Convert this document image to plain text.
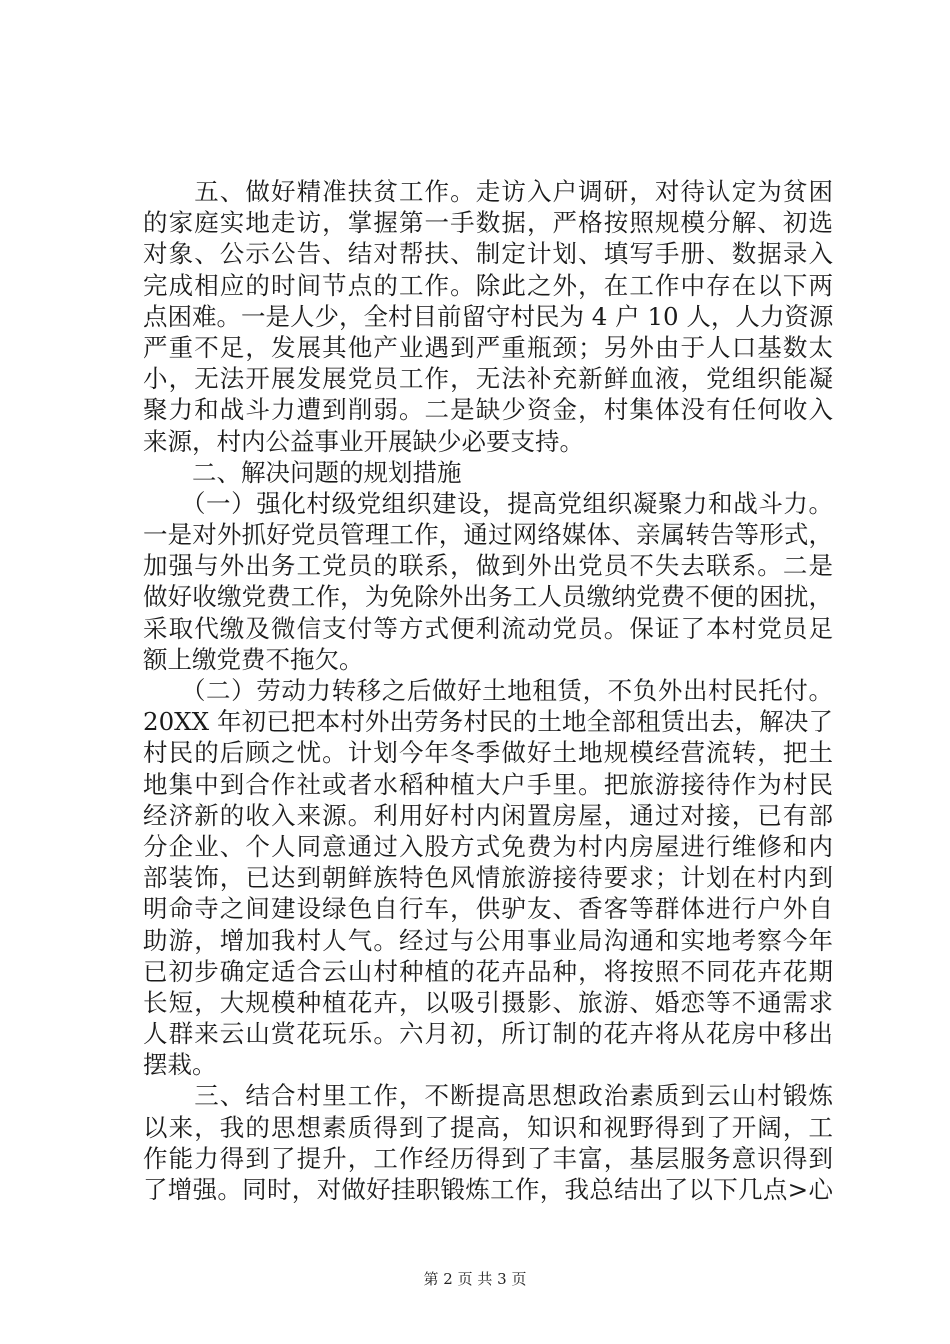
　　五、做好精准扶贫工作。走访入户调研，对待认定为贫困
的家庭实地走访，掌握第一手数据，严格按照规模分解、初选
对象、公示公告、结对帮扶、制定计划、填写手册、数据录入
完成相应的时间节点的工作。除此之外，在工作中存在以下两
点困难。一是人少，全村目前留守村民为 4 户 10 人，人力资源
严重不足，发展其他产业遇到严重瓶颈；另外由于人口基数太
小，无法开展发展党员工作，无法补充新鲜血液，党组织能凝
聚力和战斗力遭到削弱。二是缺少资金，村集体没有任何收入
来源，村内公益事业开展缺少必要支持。
　　二、解决问题的规划措施
　　（一）强化村级党组织建设，提高党组织凝聚力和战斗力。
一是对外抓好党员管理工作，通过网络媒体、亲属转告等形式，
加强与外出务工党员的联系，做到外出党员不失去联系。二是
做好收缴党费工作，为免除外出务工人员缴纳党费不便的困扰，
采取代缴及微信支付等方式便利流动党员。保证了本村党员足
额上缴党费不拖欠。
　　（二）劳动力转移之后做好土地租赁，不负外出村民托付。
20XX 年初已把本村外出劳务村民的土地全部租赁出去，解决了
村民的后顾之忧。计划今年冬季做好土地规模经营流转，把土
地集中到合作社或者水稻种植大户手里。把旅游接待作为村民
经济新的收入来源。利用好村内闲置房屋，通过对接，已有部
分企业、个人同意通过入股方式免费为村内房屋进行维修和内
部装饰，已达到朝鲜族特色风情旅游接待要求；计划在村内到
明命寺之间建设绿色自行车，供驴友、香客等群体进行户外自
助游，增加我村人气。经过与公用事业局沟通和实地考察今年
已初步确定适合云山村种植的花卉品种，将按照不同花卉花期
长短，大规模种植花卉，以吸引摄影、旅游、婚恋等不通需求
人群来云山赏花玩乐。六月初，所订制的花卉将从花房中移出
摆栽。
　　三、结合村里工作，不断提高思想政治素质到云山村锻炼
以来，我的思想素质得到了提高，知识和视野得到了开阔，工
作能力得到了提升，工作经历得到了丰富，基层服务意识得到
了增强。同时，对做好挂职锻炼工作，我总结出了以下几点>心
第 2 页 共 3 页
